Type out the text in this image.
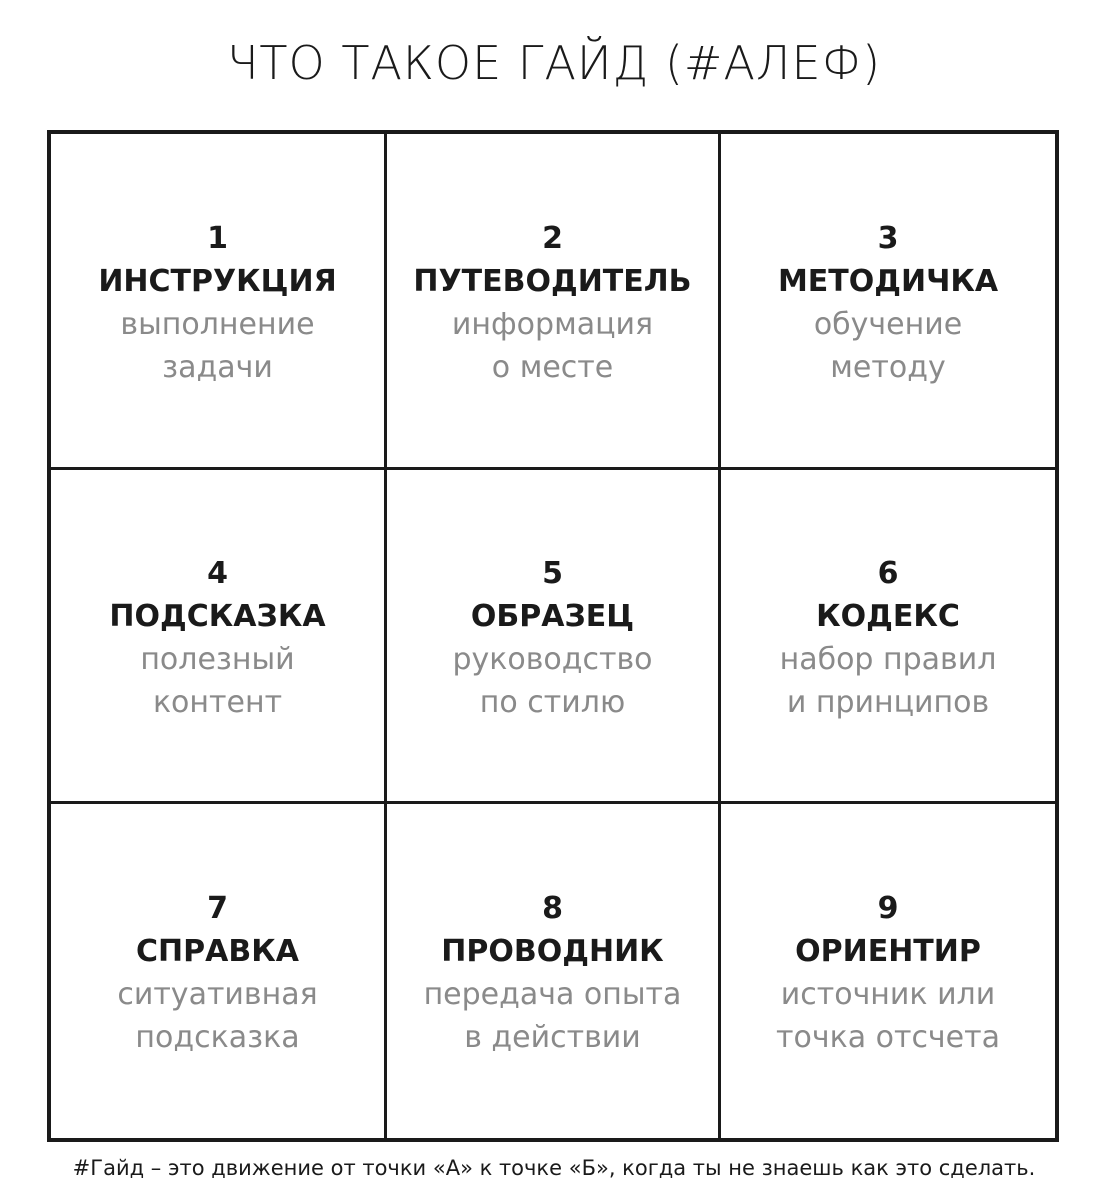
ЧТО ТАКОЕ ГАЙД (#АЛЕФ)
1
ИНСТРУКЦИЯ
выполнение
задачи
2
ПУТЕВОДИТЕЛЬ
информация
о месте
3
МЕТОДИЧКА
обучение
методу
4
ПОДСКАЗКА
полезный
контент
5
ОБРАЗЕЦ
руководство
по стилю
6
КОДЕКС
набор правил
и принципов
7
СПРАВКА
ситуативная
подсказка
8
ПРОВОДНИК
передача опыта
в действии
9
ОРИЕНТИР
источник или
точка отсчета
#Гайд – это движение от точки «А» к точке «Б», когда ты не знаешь как это сделать.
